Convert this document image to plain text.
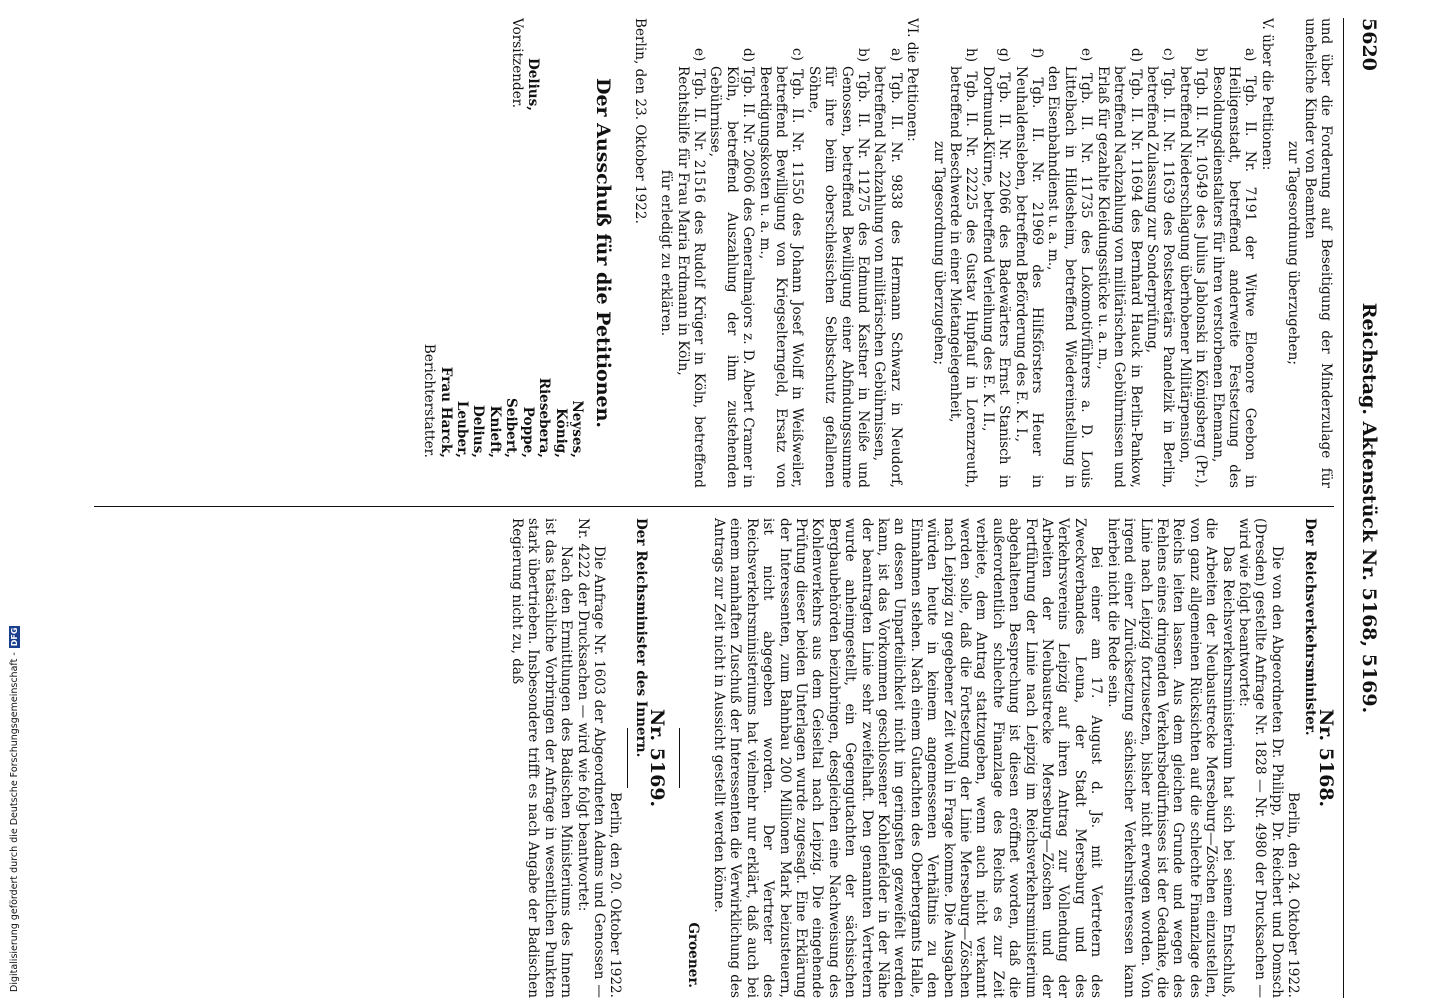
Digitalisierung gefördert durch die Deutsche Forschungsgemeinschaft -DFG
5620
Reichstag. Aktenstück Nr. 5168, 5169.

und über die Forderung auf Beseitigung der Minderzulage für uneheliche Kinder von Beamten

zur Tagesordnung überzugehen;

V. über die Petitionen:

a) Tgb. II. Nr. 7191 der Witwe Eleonore Geebon in Heiligenstadt, betreffend anderweite Festsetzung des Besoldungsdienstalters für ihren verstorbenen Ehemann,

b) Tgb. II. Nr. 10549 des Julius Jablonski in Königsberg (Pr.), betreffend Niederschlagung überhobener Militärpension,

c) Tgb. II. Nr. 11639 des Postsekretärs Pandelzik in Berlin, betreffend Zulassung zur Sonderprüfung,

d) Tgb. II. Nr. 11694 des Bernhard Hauck in Berlin-Pankow, betreffend Nachzahlung von militärischen Gebührnissen und Erlaß für gezahlte Kleidungsstücke u. a. m.,

e) Tgb. II. Nr. 11735 des Lokomotivführers a. D. Louis Littelbach in Hildesheim, betreffend Wiedereinstellung in den Eisenbahndienst u. a. m.,

f) Tgb. II. Nr. 21969 des Hilfsförsters Heuer in Neuhaldensleben, betreffend Beförderung des E. K. I.,

g) Tgb. II. Nr. 22066 des Badewärters Ernst Stanisch in Dortmund-Kürne, betreffend Verleihung des E. K. II.,

h) Tgb. II. Nr. 22225 des Gustav Hupfauf in Lorenzreuth, betreffend Beschwerde in einer Mietangelegenheit,

zur Tagesordnung überzugehen;

VI. die Petitionen:

a) Tgb. II. Nr. 9838 des Hermann Schwarz in Neudorf, betreffend Nachzahlung von militärischen Gebührnissen,

b) Tgb. II. Nr. 11275 des Edmund Kastner in Neiße und Genossen, betreffend Bewilligung einer Abfindungssumme für ihre beim oberschlesischen Selbstschutz gefallenen Söhne,

c) Tgb. II. Nr. 11550 des Johann Josef Wolff in Weißweiler, betreffend Bewilligung von Kriegselterngeld, Ersatz von Beerdigungskosten u. a. m.,

d) Tgb. II. Nr. 20606 des Generalmajors z. D. Albert Cramer in Köln, betreffend Auszahlung der ihm zustehenden Gebührnisse,

e) Tgb. II. Nr. 21516 des Rudolf Krüger in Köln, betreffend Rechtshilfe für Frau Maria Erdmann in Köln,

für erledigt zu erklären.

Berlin, den 23. Oktober 1922.

Der Ausschuß für die Petitionen.

Delius,

Vorsitzender.

Neyses,

König,

Riesebera,

Poppe,

Seibert,

Knieft,

Delius,

Leuber,

Frau Harck,

Berichterstatter.

Nr. 5168.

Der Reichsverkehrsminister.

Berlin, den 24. Oktober 1922.

Die von den Abgeordneten Dr. Philipp, Dr. Reichert und Domsch (Dresden) gestellte Anfrage Nr. 1828 — Nr. 4980 der Drucksachen — wird wie folgt beantwortet:

Das Reichsverkehrsministerium hat sich bei seinem Entschluß, die Arbeiten der Neubaustrecke Merseburg—Zöschen einzustellen, von ganz allgemeinen Rücksichten auf die schlechte Finanzlage des Reichs leiten lassen. Aus dem gleichen Grunde und wegen des Fehlens eines dringenden Verkehrsbedürfnisses ist der Gedanke, die Linie nach Leipzig fortzusetzen, bisher nicht erwogen worden. Von irgend einer Zurücksetzung sächsischer Verkehrsinteressen kann hierbei nicht die Rede sein.

Bei einer am 17. August d. Js. mit Vertretern des Zweckverbandes Leuna, der Stadt Merseburg und des Verkehrsvereins Leipzig auf ihren Antrag zur Vollendung der Arbeiten der Neubaustrecke Merseburg—Zöschen und der Fortführung der Linie nach Leipzig im Reichsverkehrsministerium abgehaltenen Besprechung ist diesen eröffnet worden, daß die außerordentlich schlechte Finanzlage des Reichs es zur Zeit verbiete, dem Antrag stattzugeben, wenn auch nicht verkannt werden solle, daß die Fortsetzung der Linie Merseburg—Zöschen nach Leipzig zu gegebener Zeit wohl in Frage komme. Die Ausgaben würden heute in keinem angemessenen Verhältnis zu den Einnahmen stehen. Nach einem Gutachten des Oberbergamts Halle, an dessen Unparteilichkeit nicht im geringsten gezweifelt werden kann, ist das Vorkommen geschlossener Kohlenfelder in der Nähe der beantragten Linie sehr zweifelhaft. Den genannten Vertretern wurde anheimgestellt, ein Gegengutachten der sächsischen Bergbaubehörden beizubringen, desgleichen eine Nachweisung des Kohlenverkehrs aus dem Geiseltal nach Leipzig. Die eingehende Prüfung dieser beiden Unterlagen wurde zugesagt. Eine Erklärung der Interessenten, zum Bahnbau 200 Millionen Mark beizusteuern, ist nicht abgegeben worden. Der Vertreter des Reichsverkehrsministeriums hat vielmehr nur erklärt, daß auch bei einem namhaften Zuschuß der Interessenten die Verwirklichung des Antrags zur Zeit nicht in Aussicht gestellt werden könne.

Groener.

Nr. 5169.

Der Reichsminister des Innern.

Berlin, den 20. Oktober 1922.

Die Anfrage Nr. 1603 der Abgeordneten Adams und Genossen — Nr. 4222 der Drucksachen — wird wie folgt beantwortet:

Nach den Ermittlungen des Badischen Ministeriums des Innern ist das tatsächliche Vorbringen der Anfrage in wesentlichen Punkten stark übertrieben. Insbesondere trifft es nach Angabe der Badischen Regierung nicht zu, daß
